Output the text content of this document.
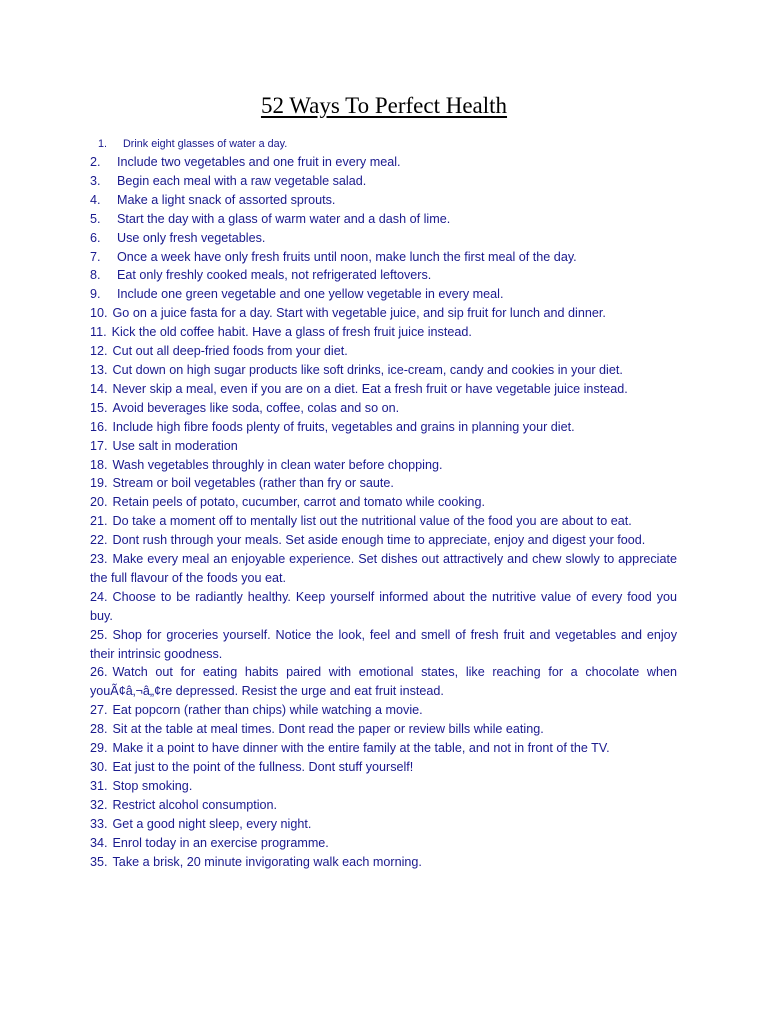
52 Ways To Perfect Health

1. Drink eight glasses of water a day.

2. Include two vegetables and one fruit in every meal.

3. Begin each meal with a raw vegetable salad.

4. Make a light snack of assorted sprouts.

5. Start the day with a glass of warm water and a dash of lime.

6. Use only fresh vegetables.

7. Once a week have only fresh fruits until noon, make lunch the first meal of the day.

8. Eat only freshly cooked meals, not refrigerated leftovers.

9. Include one green vegetable and one yellow vegetable in every meal.

10. Go on a juice fasta for a day. Start with vegetable juice, and sip fruit for lunch and dinner.

11. Kick the old coffee habit. Have a glass of fresh fruit juice instead.

12. Cut out all deep-fried foods from your diet.

13. Cut down on high sugar products like soft drinks, ice-cream, candy and cookies in your diet.

14. Never skip a meal, even if you are on a diet. Eat a fresh fruit or have vegetable juice instead.

15. Avoid beverages like soda, coffee, colas and so on.

16. Include high fibre foods plenty of fruits, vegetables and grains in planning your diet.

17. Use salt in moderation

18. Wash vegetables throughly in clean water before chopping.

19. Stream or boil vegetables (rather than fry or saute.

20. Retain peels of potato, cucumber, carrot and tomato while cooking.

21. Do take a moment off to mentally list out the nutritional value of the food you are about to eat.

22. Dont rush through your meals. Set aside enough time to appreciate, enjoy and digest your food.

23. Make every meal an enjoyable experience. Set dishes out attractively and chew slowly to appreciate the full flavour of the foods you eat.

24. Choose to be radiantly healthy. Keep yourself informed about the nutritive value of every food you buy.

25. Shop for groceries yourself. Notice the look, feel and smell of fresh fruit and vegetables and enjoy their intrinsic goodness.

26. Watch out for eating habits paired with emotional states, like reaching for a chocolate when youÃ¢â‚¬â„¢re depressed. Resist the urge and eat fruit instead.

27. Eat popcorn (rather than chips) while watching a movie.

28. Sit at the table at meal times. Dont read the paper or review bills while eating.

29. Make it a point to have dinner with the entire family at the table, and not in front of the TV.

30. Eat just to the point of the fullness. Dont stuff yourself!

31. Stop smoking.

32. Restrict alcohol consumption.

33. Get a good night sleep, every night.

34. Enrol today in an exercise programme.

35. Take a brisk, 20 minute invigorating walk each morning.
